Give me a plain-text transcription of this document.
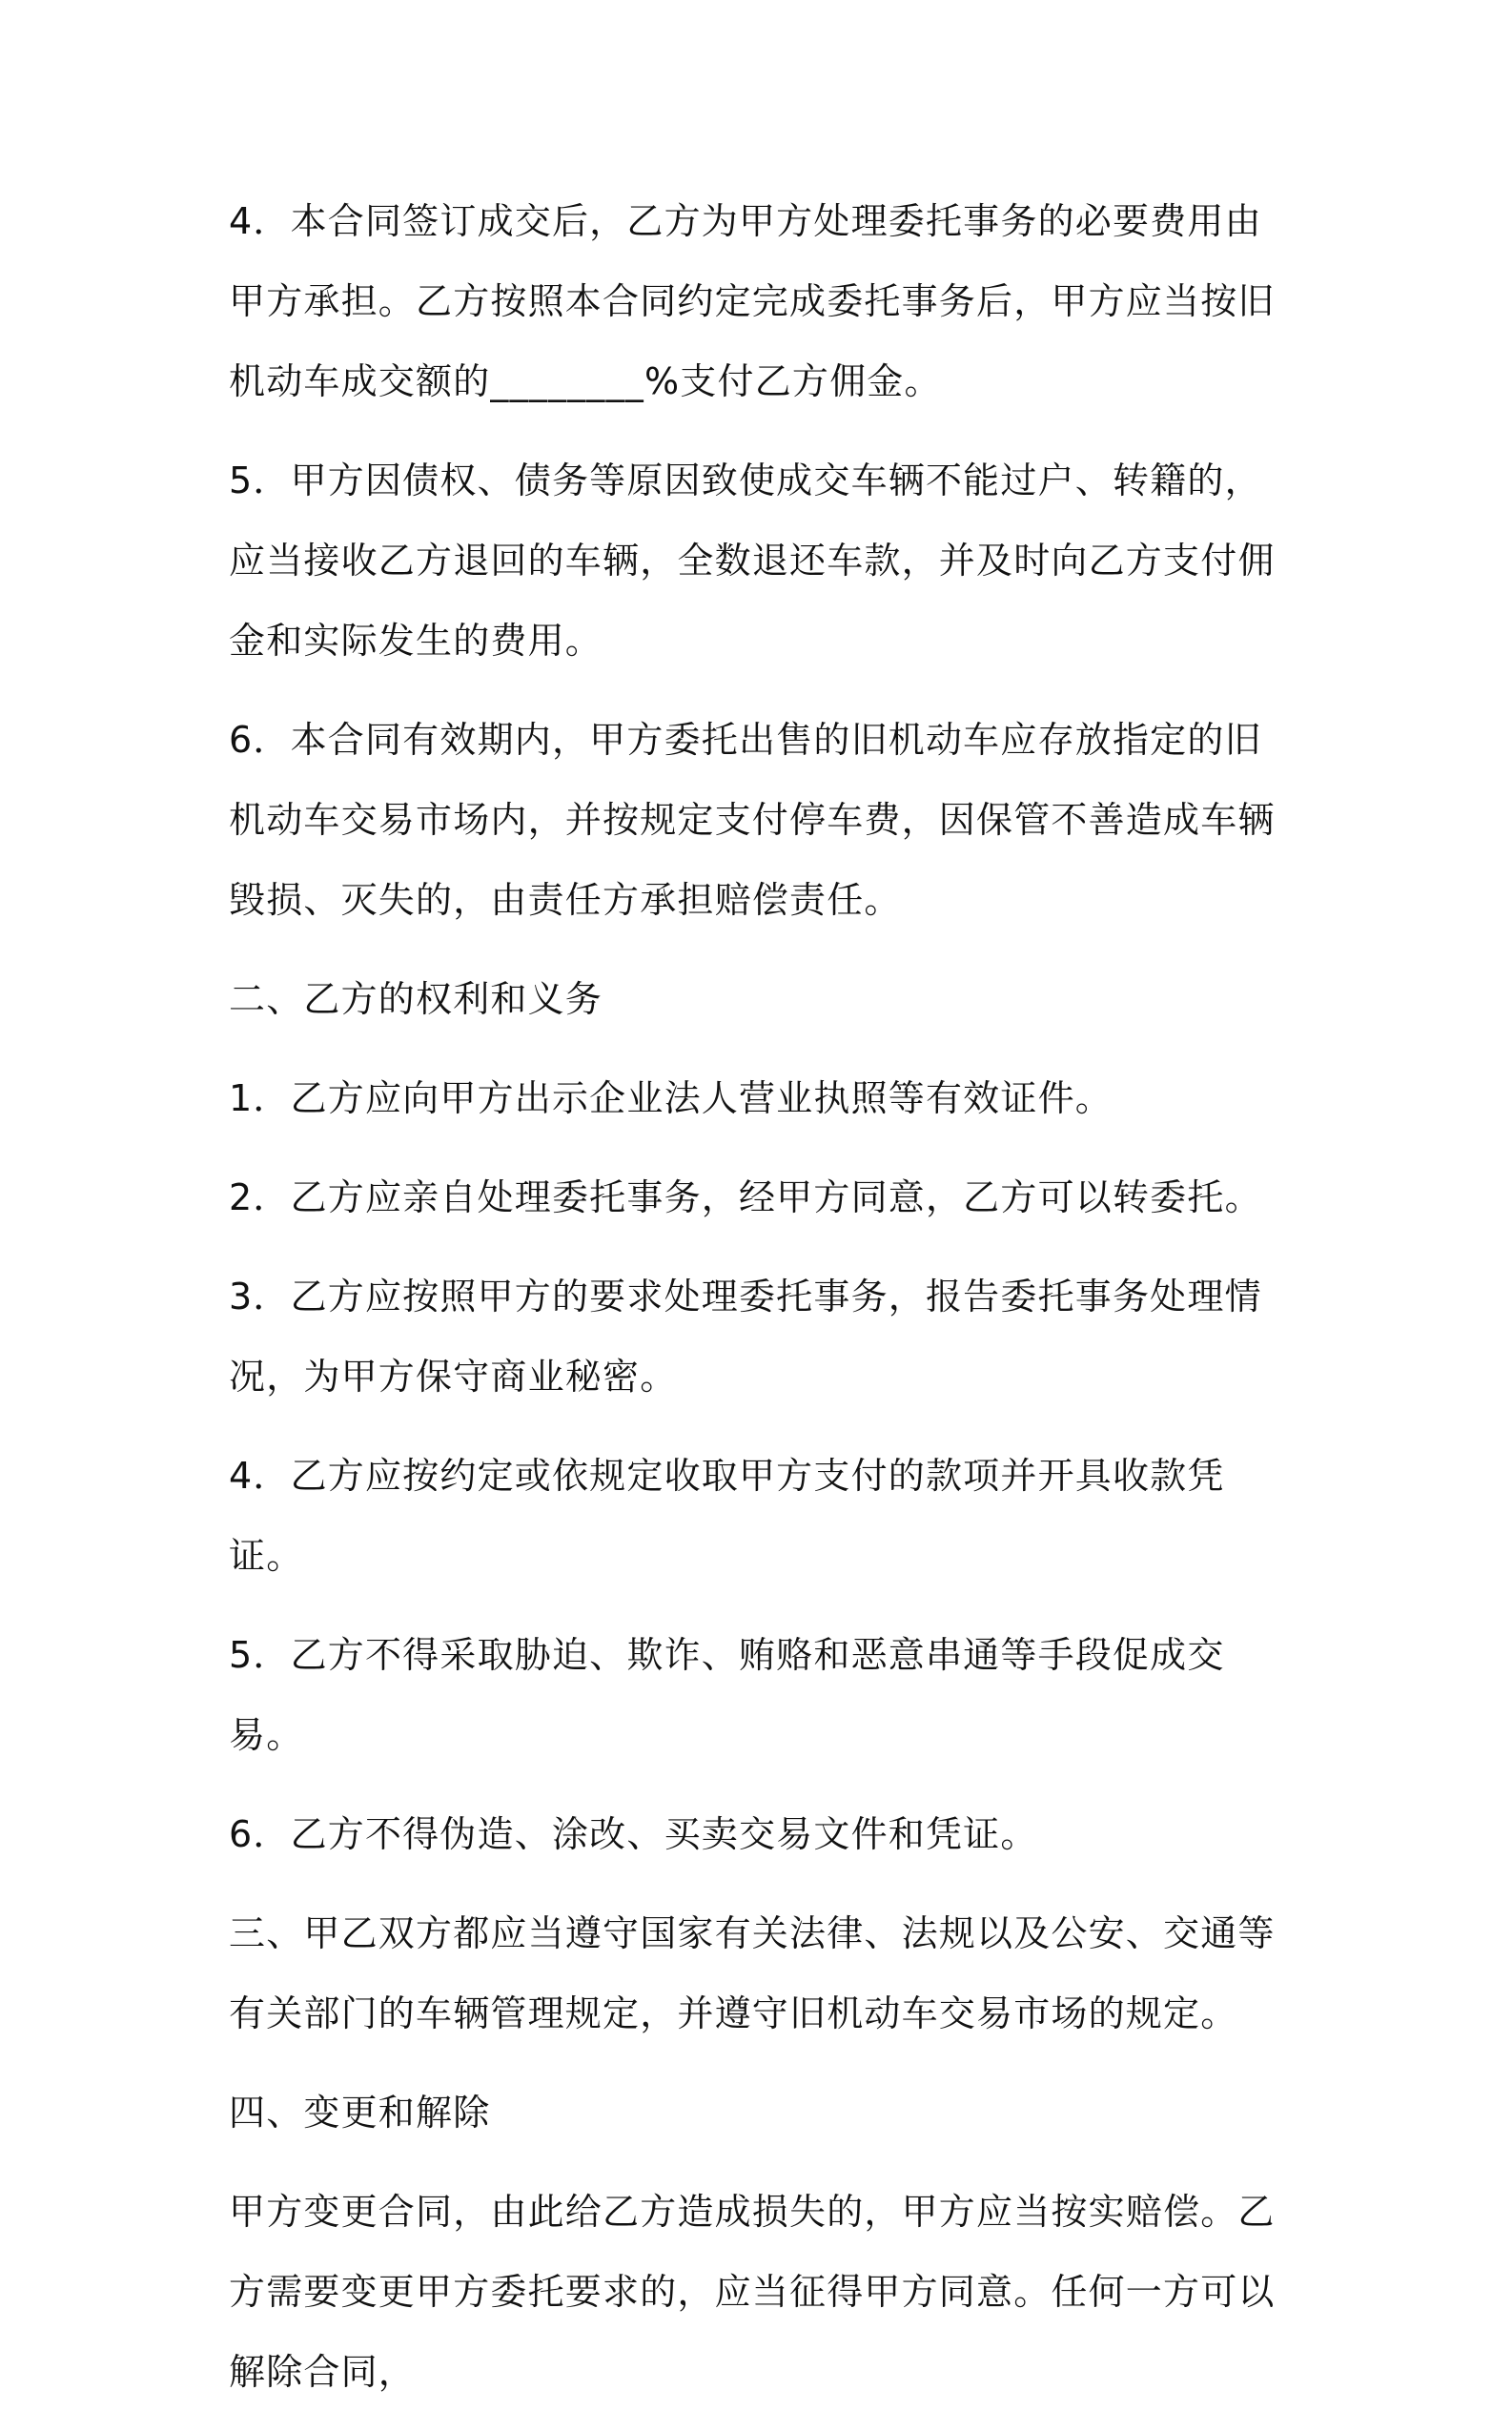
4．本合同签订成交后，乙方为甲方处理委托事务的必要费用由甲方承担。乙方按照本合同约定完成委托事务后，甲方应当按旧机动车成交额的________%支付乙方佣金。

5．甲方因债权、债务等原因致使成交车辆不能过户、转籍的，应当接收乙方退回的车辆，全数退还车款，并及时向乙方支付佣金和实际发生的费用。

6．本合同有效期内，甲方委托出售的旧机动车应存放指定的旧机动车交易市场内，并按规定支付停车费，因保管不善造成车辆毁损、灭失的，由责任方承担赔偿责任。

二、乙方的权利和义务

1．乙方应向甲方出示企业法人营业执照等有效证件。

2．乙方应亲自处理委托事务，经甲方同意，乙方可以转委托。

3．乙方应按照甲方的要求处理委托事务，报告委托事务处理情况，为甲方保守商业秘密。

4．乙方应按约定或依规定收取甲方支付的款项并开具收款凭证。

5．乙方不得采取胁迫、欺诈、贿赂和恶意串通等手段促成交易。

6．乙方不得伪造、涂改、买卖交易文件和凭证。

三、甲乙双方都应当遵守国家有关法律、法规以及公安、交通等有关部门的车辆管理规定，并遵守旧机动车交易市场的规定。

四、变更和解除

甲方变更合同，由此给乙方造成损失的，甲方应当按实赔偿。乙方需要变更甲方委托要求的，应当征得甲方同意。任何一方可以解除合同，
